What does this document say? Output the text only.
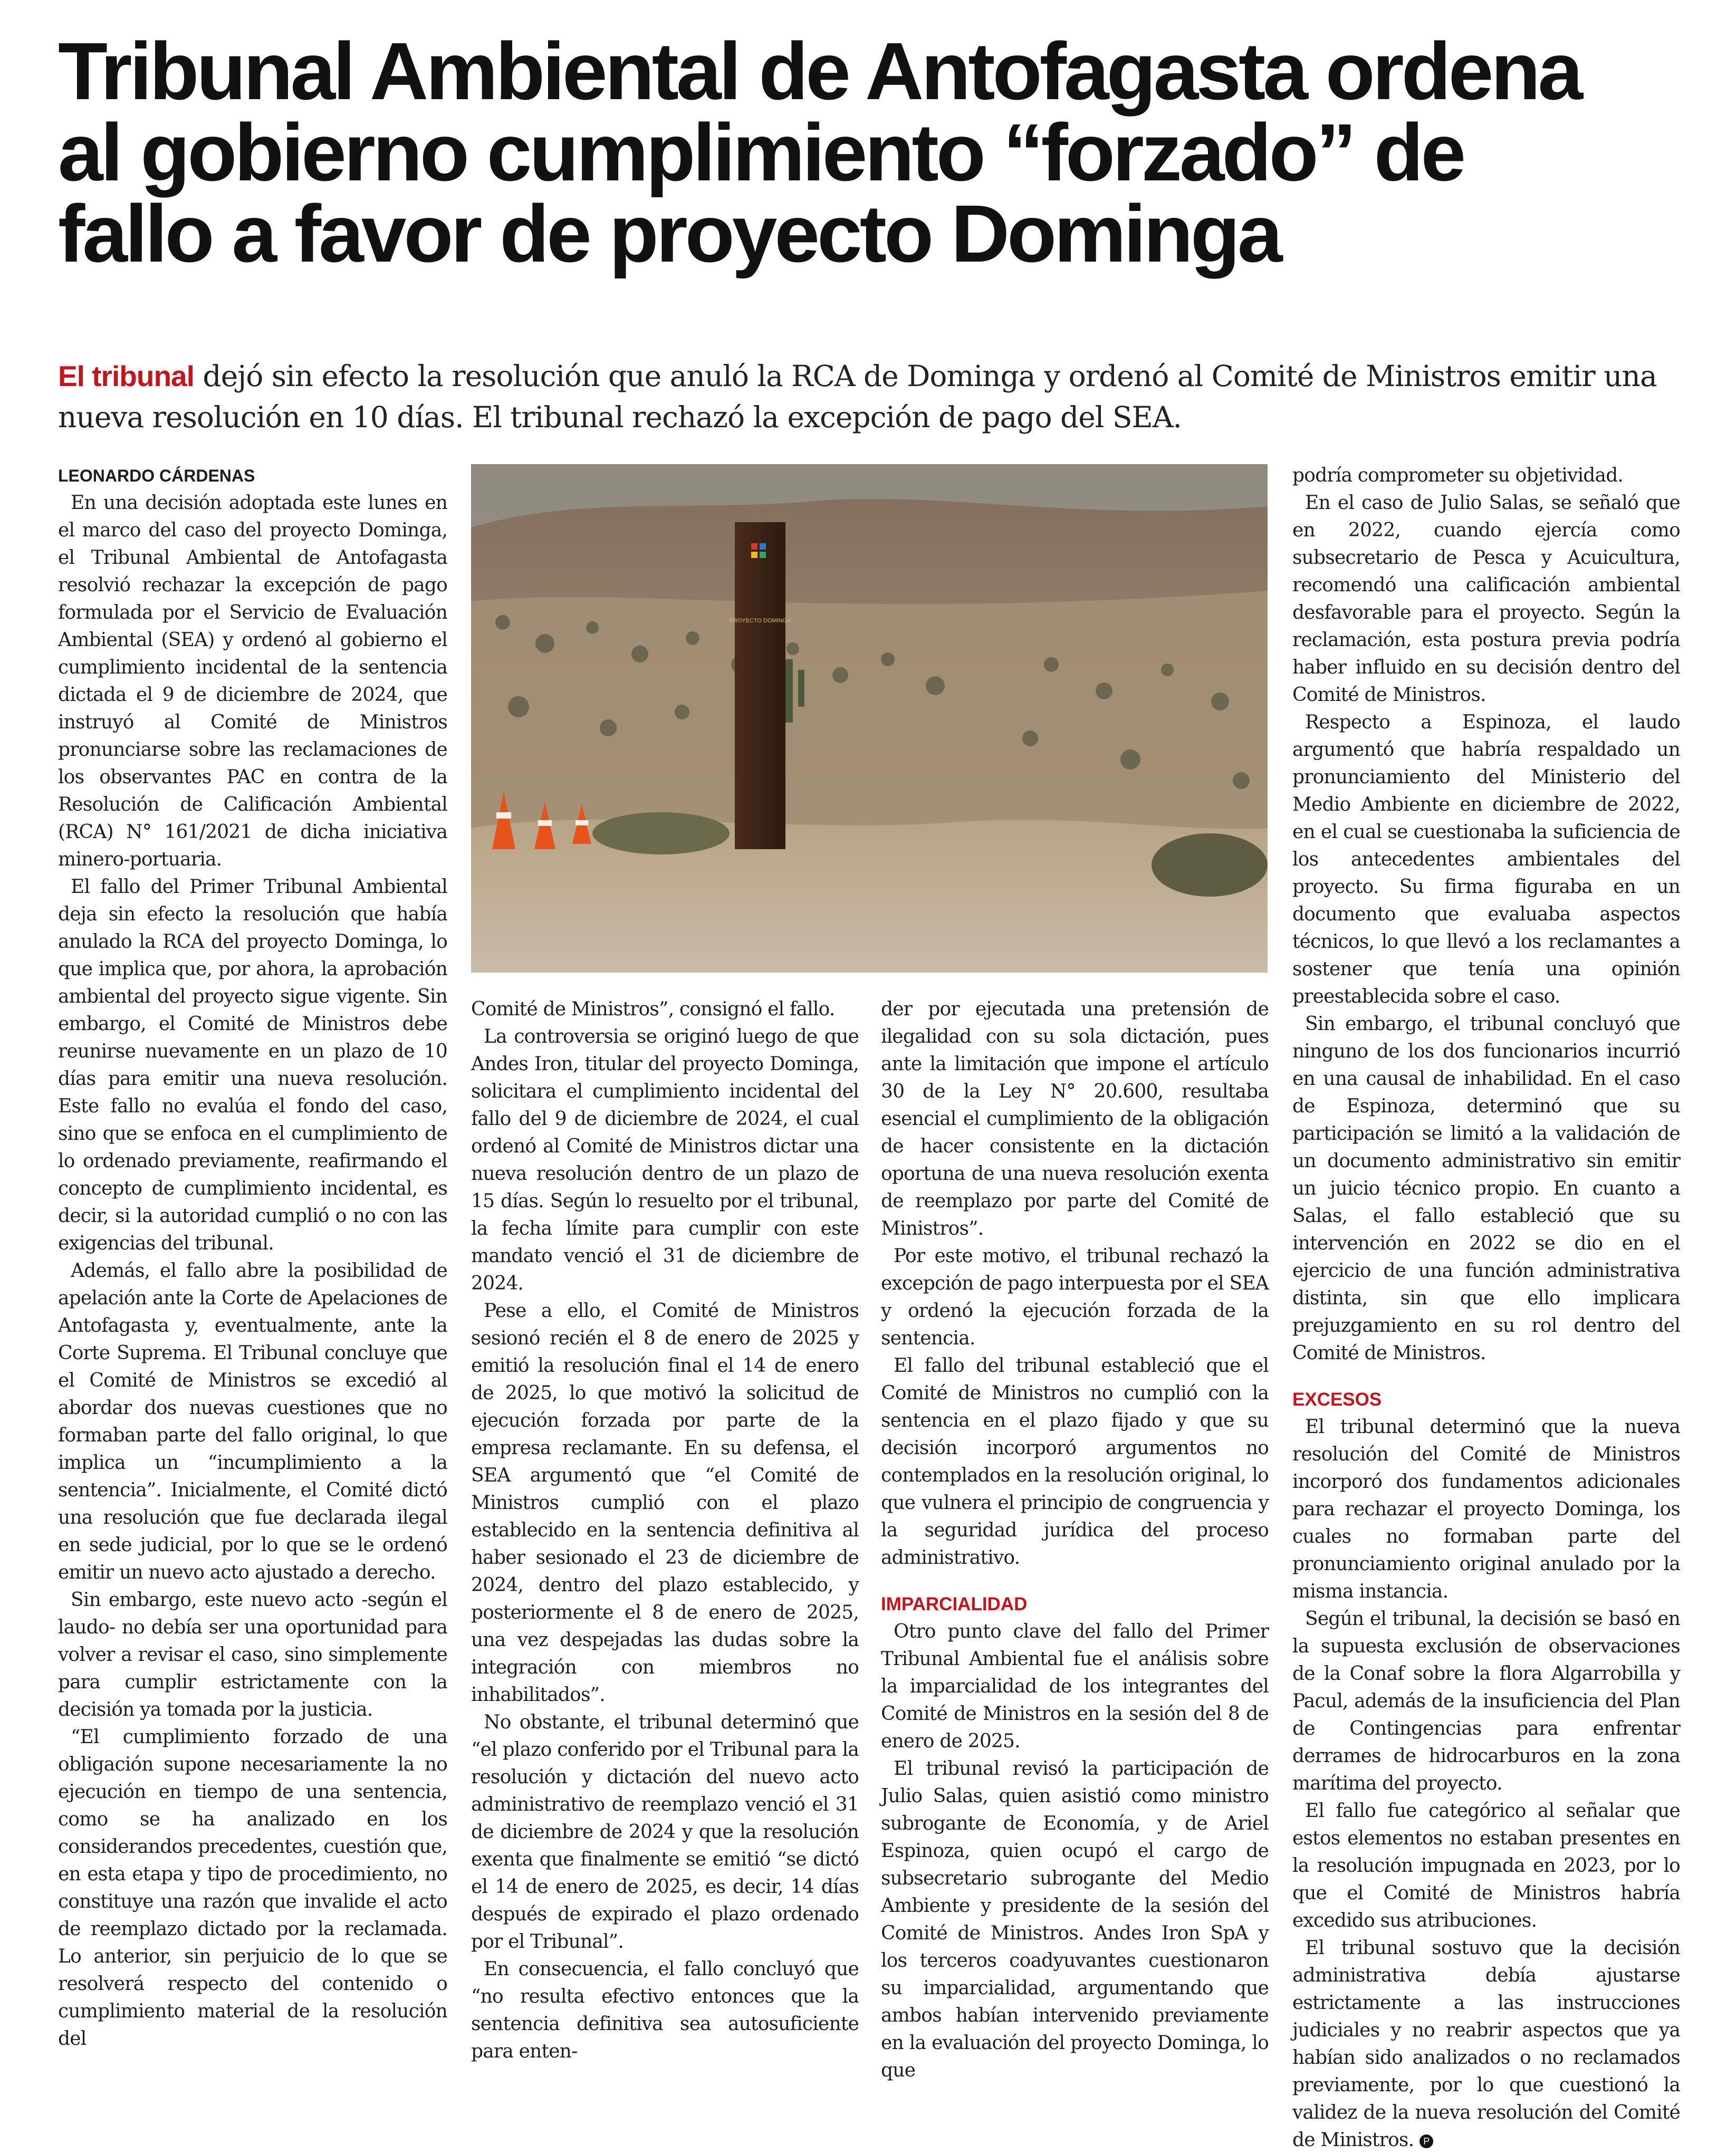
Tribunal Ambiental de Antofagasta ordena
al gobierno cumplimiento “forzado” de
fallo a favor de proyecto Dominga

El tribunal dejó sin efecto la resolución que anuló la RCA de Dominga y ordenó al Comité de Ministros emitir una nueva resolución en 10 días. El tribunal rechazó la excepción de pago del SEA.

LEONARDO CÁRDENAS

En una decisión adoptada este lunes en el marco del caso del proyecto Dominga, el Tribunal Ambiental de Antofagasta resolvió rechazar la excepción de pago formulada por el Servicio de Evaluación Ambiental (SEA) y ordenó al gobierno el cumplimiento incidental de la sentencia dictada el 9 de diciembre de 2024, que instruyó al Comité de Ministros pronunciarse sobre las reclamaciones de los observantes PAC en contra de la Resolución de Calificación Ambiental (RCA) N° 161/2021 de dicha iniciativa minero-portuaria.

El fallo del Primer Tribunal Ambiental deja sin efecto la resolución que había anulado la RCA del proyecto Dominga, lo que implica que, por ahora, la aprobación ambiental del proyecto sigue vigente. Sin embargo, el Comité de Ministros debe reunirse nuevamente en un plazo de 10 días para emitir una nueva resolución. Este fallo no evalúa el fondo del caso, sino que se enfoca en el cumplimiento de lo ordenado previamente, reafirmando el concepto de cumplimiento incidental, es decir, si la autoridad cumplió o no con las exigencias del tribunal.

Además, el fallo abre la posibilidad de apelación ante la Corte de Apelaciones de Antofagasta y, eventualmente, ante la Corte Suprema. El Tribunal concluye que el Comité de Ministros se excedió al abordar dos nuevas cuestiones que no formaban parte del fallo original, lo que implica un “incumplimiento a la sentencia”. Inicialmente, el Comité dictó una resolución que fue declarada ilegal en sede judicial, por lo que se le ordenó emitir un nuevo acto ajustado a derecho.

Sin embargo, este nuevo acto -según el laudo- no debía ser una oportunidad para volver a revisar el caso, sino simplemente para cumplir estrictamente con la decisión ya tomada por la justicia.

“El cumplimiento forzado de una obligación supone necesariamente la no ejecución en tiempo de una sentencia, como se ha analizado en los considerandos precedentes, cuestión que, en esta etapa y tipo de procedimiento, no constituye una razón que invalide el acto de reemplazo dictado por la reclamada. Lo anterior, sin perjuicio de lo que se resolverá respecto del contenido o cumplimiento material de la resolución del

PROYECTO DOMINGA

Comité de Ministros”, consignó el fallo.

La controversia se originó luego de que Andes Iron, titular del proyecto Dominga, solicitara el cumplimiento incidental del fallo del 9 de diciembre de 2024, el cual ordenó al Comité de Ministros dictar una nueva resolución dentro de un plazo de 15 días. Según lo resuelto por el tribunal, la fecha límite para cumplir con este mandato venció el 31 de diciembre de 2024.

Pese a ello, el Comité de Ministros sesionó recién el 8 de enero de 2025 y emitió la resolución final el 14 de enero de 2025, lo que motivó la solicitud de ejecución forzada por parte de la empresa reclamante. En su defensa, el SEA argumentó que “el Comité de Ministros cumplió con el plazo establecido en la sentencia definitiva al haber sesionado el 23 de diciembre de 2024, dentro del plazo establecido, y posteriormente el 8 de enero de 2025, una vez despejadas las dudas sobre la integración con miembros no inhabilitados”.

No obstante, el tribunal determinó que “el plazo conferido por el Tribunal para la resolución y dictación del nuevo acto administrativo de reemplazo venció el 31 de diciembre de 2024 y que la resolución exenta que finalmente se emitió “se dictó el 14 de enero de 2025, es decir, 14 días después de expirado el plazo ordenado por el Tribunal”.

En consecuencia, el fallo concluyó que “no resulta efectivo entonces que la sentencia definitiva sea autosuficiente para enten-

der por ejecutada una pretensión de ilegalidad con su sola dictación, pues ante la limitación que impone el artículo 30 de la Ley N° 20.600, resultaba esencial el cumplimiento de la obligación de hacer consistente en la dictación oportuna de una nueva resolución exenta de reemplazo por parte del Comité de Ministros”.

Por este motivo, el tribunal rechazó la excepción de pago interpuesta por el SEA y ordenó la ejecución forzada de la sentencia.

El fallo del tribunal estableció que el Comité de Ministros no cumplió con la sentencia en el plazo fijado y que su decisión incorporó argumentos no contemplados en la resolución original, lo que vulnera el principio de congruencia y la seguridad jurídica del proceso administrativo.

IMPARCIALIDAD

Otro punto clave del fallo del Primer Tribunal Ambiental fue el análisis sobre la imparcialidad de los integrantes del Comité de Ministros en la sesión del 8 de enero de 2025.

El tribunal revisó la participación de Julio Salas, quien asistió como ministro subrogante de Economía, y de Ariel Espinoza, quien ocupó el cargo de subsecretario subrogante del Medio Ambiente y presidente de la sesión del Comité de Ministros. Andes Iron SpA y los terceros coadyuvantes cuestionaron su imparcialidad, argumentando que ambos habían intervenido previamente en la evaluación del proyecto Dominga, lo que

podría comprometer su objetividad.

En el caso de Julio Salas, se señaló que en 2022, cuando ejercía como subsecretario de Pesca y Acuicultura, recomendó una calificación ambiental desfavorable para el proyecto. Según la reclamación, esta postura previa podría haber influido en su decisión dentro del Comité de Ministros.

Respecto a Espinoza, el laudo argumentó que habría respaldado un pronunciamiento del Ministerio del Medio Ambiente en diciembre de 2022, en el cual se cuestionaba la suficiencia de los antecedentes ambientales del proyecto. Su firma figuraba en un documento que evaluaba aspectos técnicos, lo que llevó a los reclamantes a sostener que tenía una opinión preestablecida sobre el caso.

Sin embargo, el tribunal concluyó que ninguno de los dos funcionarios incurrió en una causal de inhabilidad. En el caso de Espinoza, determinó que su participación se limitó a la validación de un documento administrativo sin emitir un juicio técnico propio. En cuanto a Salas, el fallo estableció que su intervención en 2022 se dio en el ejercicio de una función administrativa distinta, sin que ello implicara prejuzgamiento en su rol dentro del Comité de Ministros.

EXCESOS

El tribunal determinó que la nueva resolución del Comité de Ministros incorporó dos fundamentos adicionales para rechazar el proyecto Dominga, los cuales no formaban parte del pronunciamiento original anulado por la misma instancia.

Según el tribunal, la decisión se basó en la supuesta exclusión de observaciones de la Conaf sobre la flora Algarrobilla y Pacul, además de la insuficiencia del Plan de Contingencias para enfrentar derrames de hidrocarburos en la zona marítima del proyecto.

El fallo fue categórico al señalar que estos elementos no estaban presentes en la resolución impugnada en 2023, por lo que el Comité de Ministros habría excedido sus atribuciones.

El tribunal sostuvo que la decisión administrativa debía ajustarse estrictamente a las instrucciones judiciales y no reabrir aspectos que ya habían sido analizados o no reclamados previamente, por lo que cuestionó la validez de la nueva resolución del Comité de Ministros. P
